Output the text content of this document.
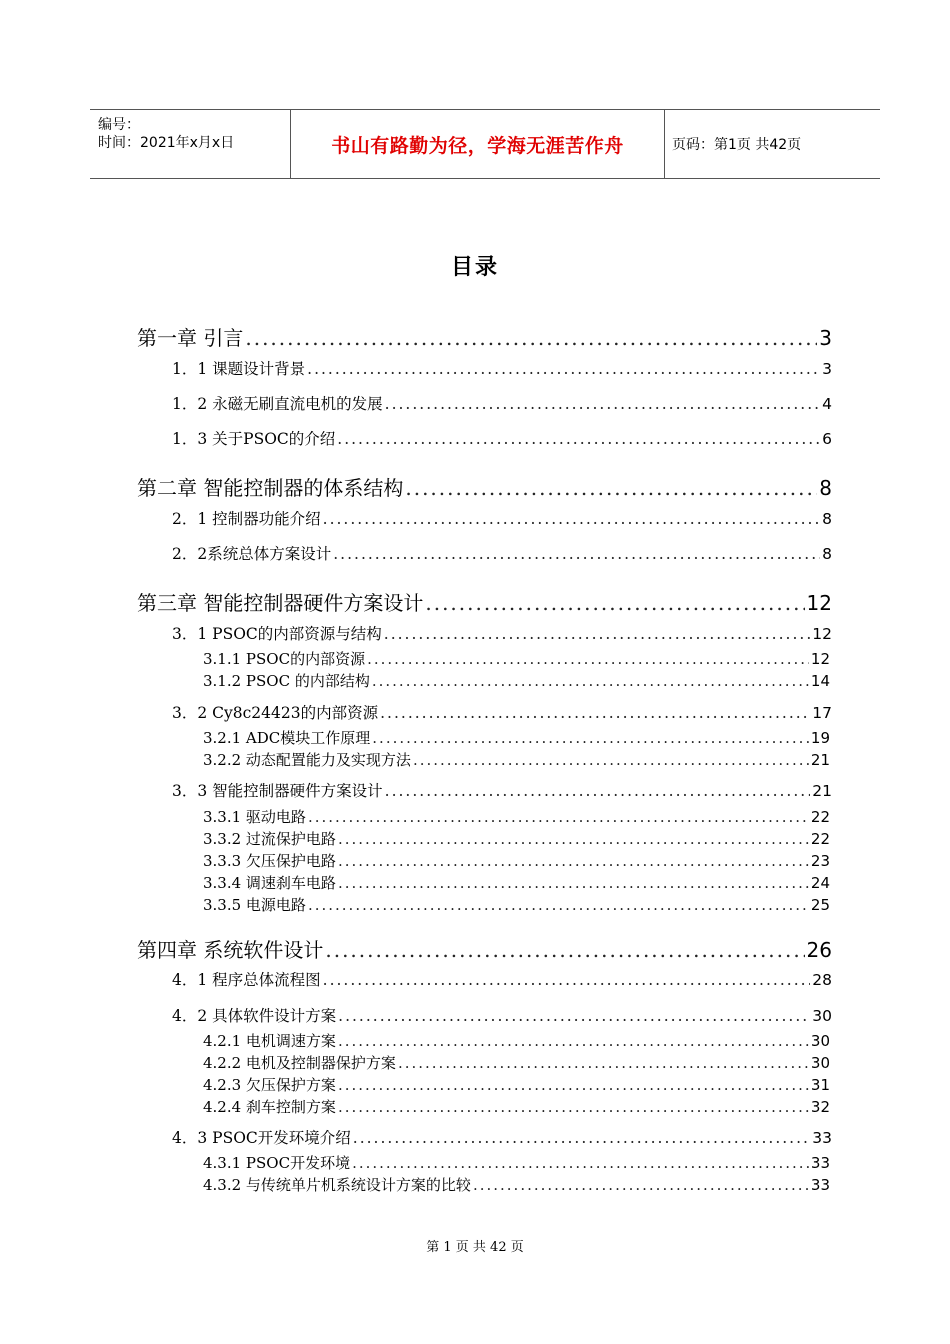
编号：
时间：2021年x月x日	书山有路勤为径，学海无涯苦作舟	页码：第1页 共42页
目录
第一章 引言 .....	3
1．1 课题设计背景 .....	3
1．2 永磁无刷直流电机的发展 .....	4
1．3 关于PSOC的介绍 .....	6
第二章 智能控制器的体系结构 .....	8
2．1 控制器功能介绍 .....	8
2．2系统总体方案设计 .....	8
第三章 智能控制器硬件方案设计 .....	12
3．1 PSOC的内部资源与结构 .....	12
3.1.1 PSOC的内部资源 .....	12
3.1.2 PSOC 的内部结构 .....	14
3．2 Cy8c24423的内部资源 .....	17
3.2.1 ADC模块工作原理 .....	19
3.2.2 动态配置能力及实现方法 .....	21
3．3 智能控制器硬件方案设计 .....	21
3.3.1 驱动电路 .....	22
3.3.2 过流保护电路 .....	22
3.3.3 欠压保护电路 .....	23
3.3.4 调速刹车电路 .....	24
3.3.5 电源电路 .....	25
第四章 系统软件设计 .....	26
4．1 程序总体流程图 .....	28
4．2 具体软件设计方案 .....	30
4.2.1 电机调速方案 .....	30
4.2.2 电机及控制器保护方案 .....	30
4.2.3 欠压保护方案 .....	31
4.2.4 刹车控制方案 .....	32
4．3 PSOC开发环境介绍 .....	33
4.3.1 PSOC开发环境 .....	33
4.3.2 与传统单片机系统设计方案的比较 .....	33
第 1 页 共 42 页
